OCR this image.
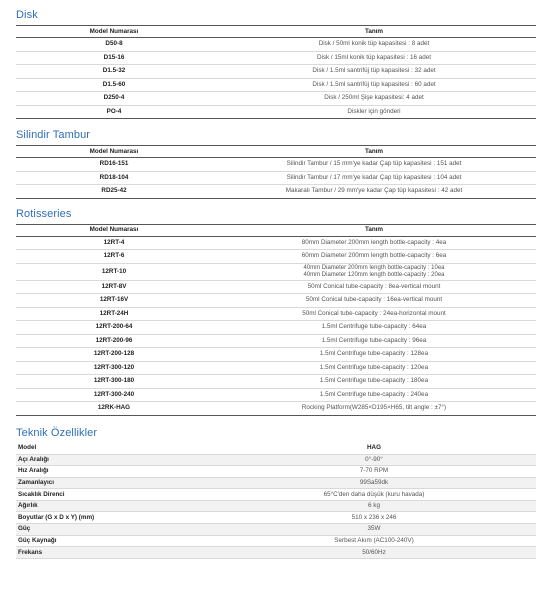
Disk
Model Numarası	Tanım
D50-8	Disk / 50ml konik tüp kapasitesi : 8 adet

D15-16	Disk / 15ml konik tüp kapasitesi : 16 adet

D1.5-32	Disk / 1.5ml santrifüj tüp kapasitesi : 32 adet

D1.5-60	Disk / 1.5ml santrifüj tüp kapasitesi : 60 adet

D250-4	Disk / 250ml Şişe kapasitesi: 4 adet

PO-4	Diskler için gönderi
Silindir Tambur
Model Numarası	Tanım
RD16-151	Silindir Tambur / 15 mm'ye kadar Çap tüp kapasitesi : 151 adet

RD18-104	Silindir Tambur / 17 mm'ye kadar Çap tüp kapasitesi : 104 adet

RD25-42	Makaralı Tambur / 29 mm'ye kadar Çap tüp kapasitesi : 42 adet
Rotisseries
Model Numarası	Tanım
12RT-4	80mm Diameter 200mm length bottle-capacity : 4ea

12RT-6	60mm Diameter 200mm length bottle-capacity : 6ea

12RT-10	40mm Diameter 200mm length bottle-capacity : 10ea
40mm Diameter 120mm length bottle-capacity : 20ea

12RT-8V	50ml Conical tube-capacity : 8ea-vertical mount

12RT-16V	50ml Conical tube-capacity : 16ea-vertical mount

12RT-24H	50ml Conical tube-capacity : 24ea-horizontal mount

12RT-200-64	1.5ml Centrifuge tube-capacity : 64ea

12RT-200-96	1.5ml Centrifuge tube-capacity : 96ea

12RT-200-128	1.5ml Centrifuge tube-capacity : 128ea

12RT-300-120	1.5ml Centrifuge tube-capacity : 120ea

12RT-300-180	1.5ml Centrifuge tube-capacity : 180ea

12RT-300-240	1.5ml Centrifuge tube-capacity : 240ea

12RK-HAG	Rocking Platform(W285×D195×H65, tilt angle : ±7°)
Teknik Özellikler
Model	HAG
Açı Aralığı	0°-90°

Hız Aralığı	7-70 RPM

Zamanlayıcı	99Sa59dk

Sıcaklık Direnci	65°C'den daha düşük (kuru havada)

Ağırlık	6 kg

Boyutlar (G x D x Y) (mm)	510 x 236 x 246

Güç	35W

Güç Kaynağı	Serbest Akım (AC100-240V)

Frekans	50/60Hz
